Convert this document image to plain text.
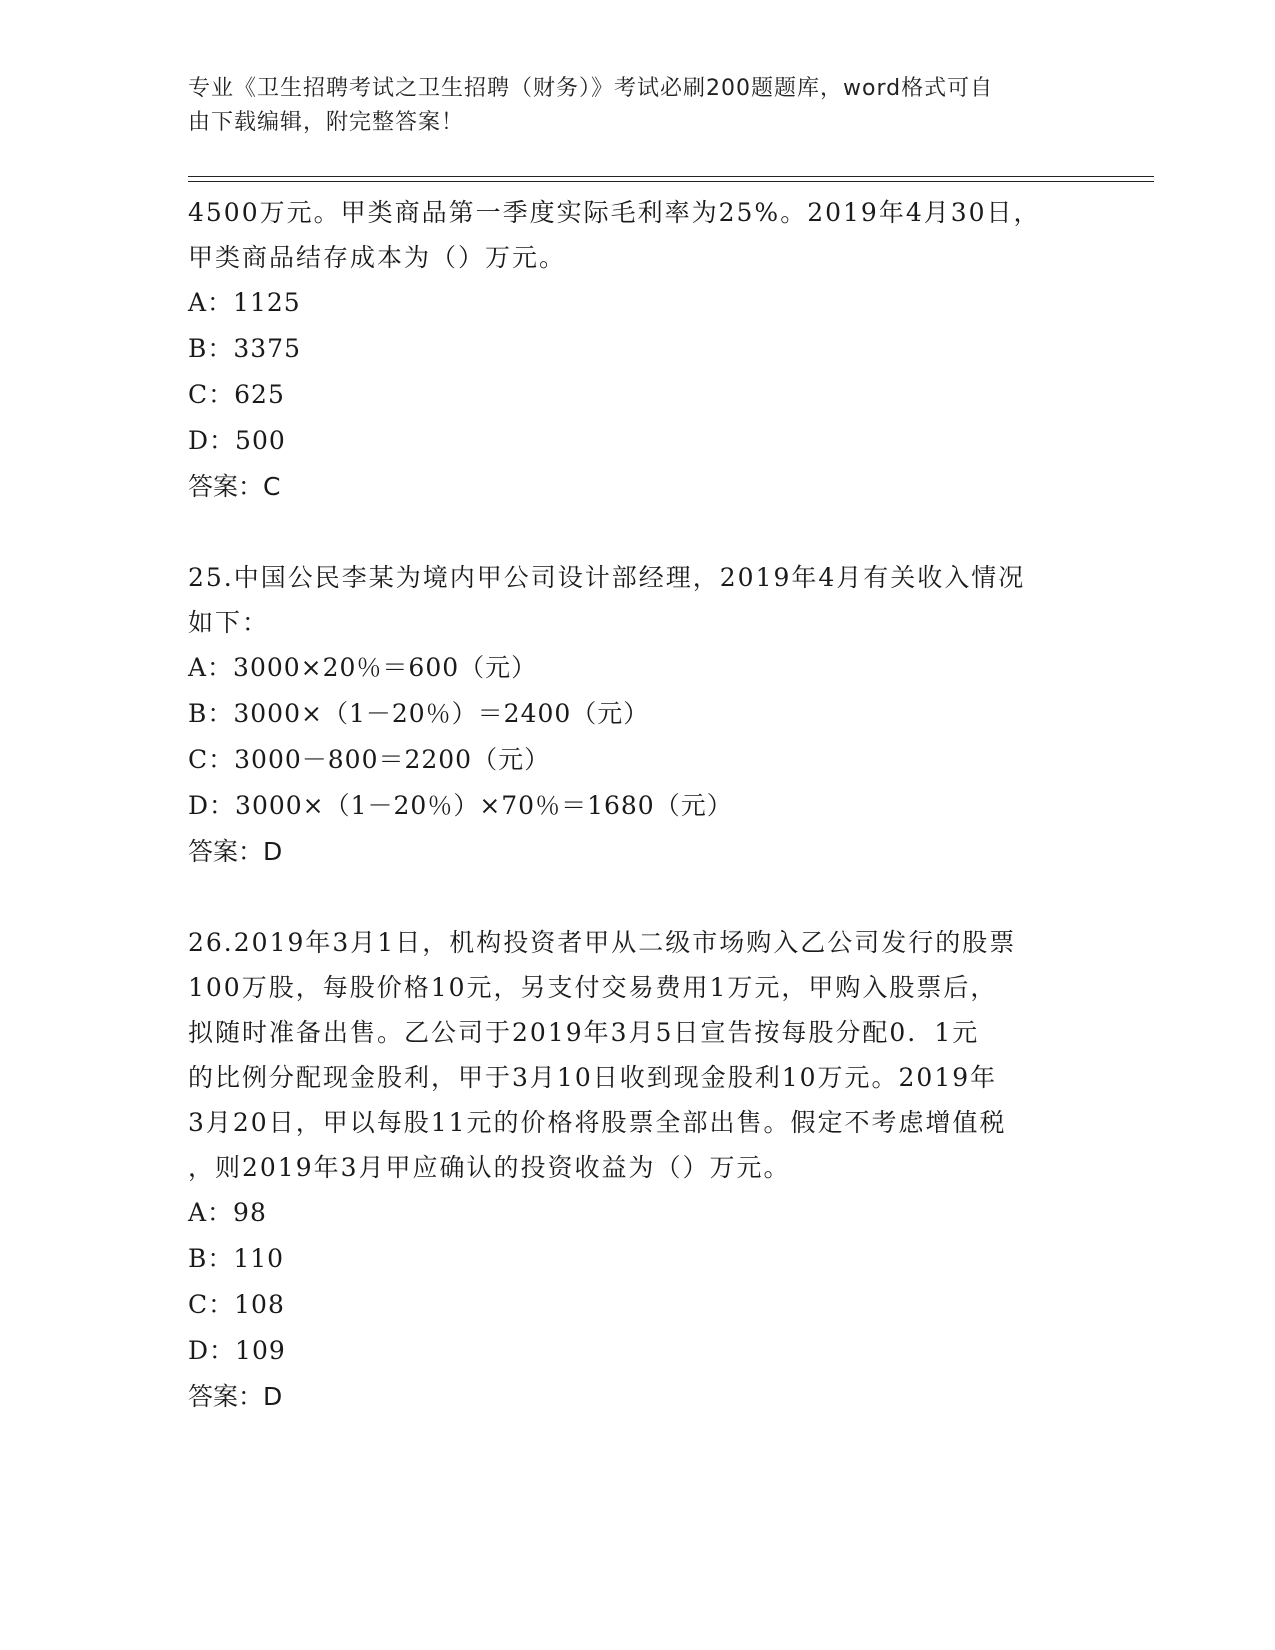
专业《卫生招聘考试之卫生招聘（财务）》考试必刷200题题库，word格式可自
由下载编辑，附完整答案！

4500万元。甲类商品第一季度实际毛利率为25%。2019年4月30日，

甲类商品结存成本为（）万元。

A：1125

B：3375

C：625

D：500

答案：C

25.中国公民李某为境内甲公司设计部经理，2019年4月有关收入情况

如下：

A：3000×20％＝600（元）

B：3000×（1－20％）＝2400（元）

C：3000－800＝2200（元）

D：3000×（1－20％）×70％＝1680（元）

答案：D

26.2019年3月1日，机构投资者甲从二级市场购入乙公司发行的股票

100万股，每股价格10元，另支付交易费用1万元，甲购入股票后，

拟随时准备出售。乙公司于2019年3月5日宣告按每股分配0．1元

的比例分配现金股利，甲于3月10日收到现金股利10万元。2019年

3月20日，甲以每股11元的价格将股票全部出售。假定不考虑增值税

，则2019年3月甲应确认的投资收益为（）万元。

A：98

B：110

C：108

D：109

答案：D
